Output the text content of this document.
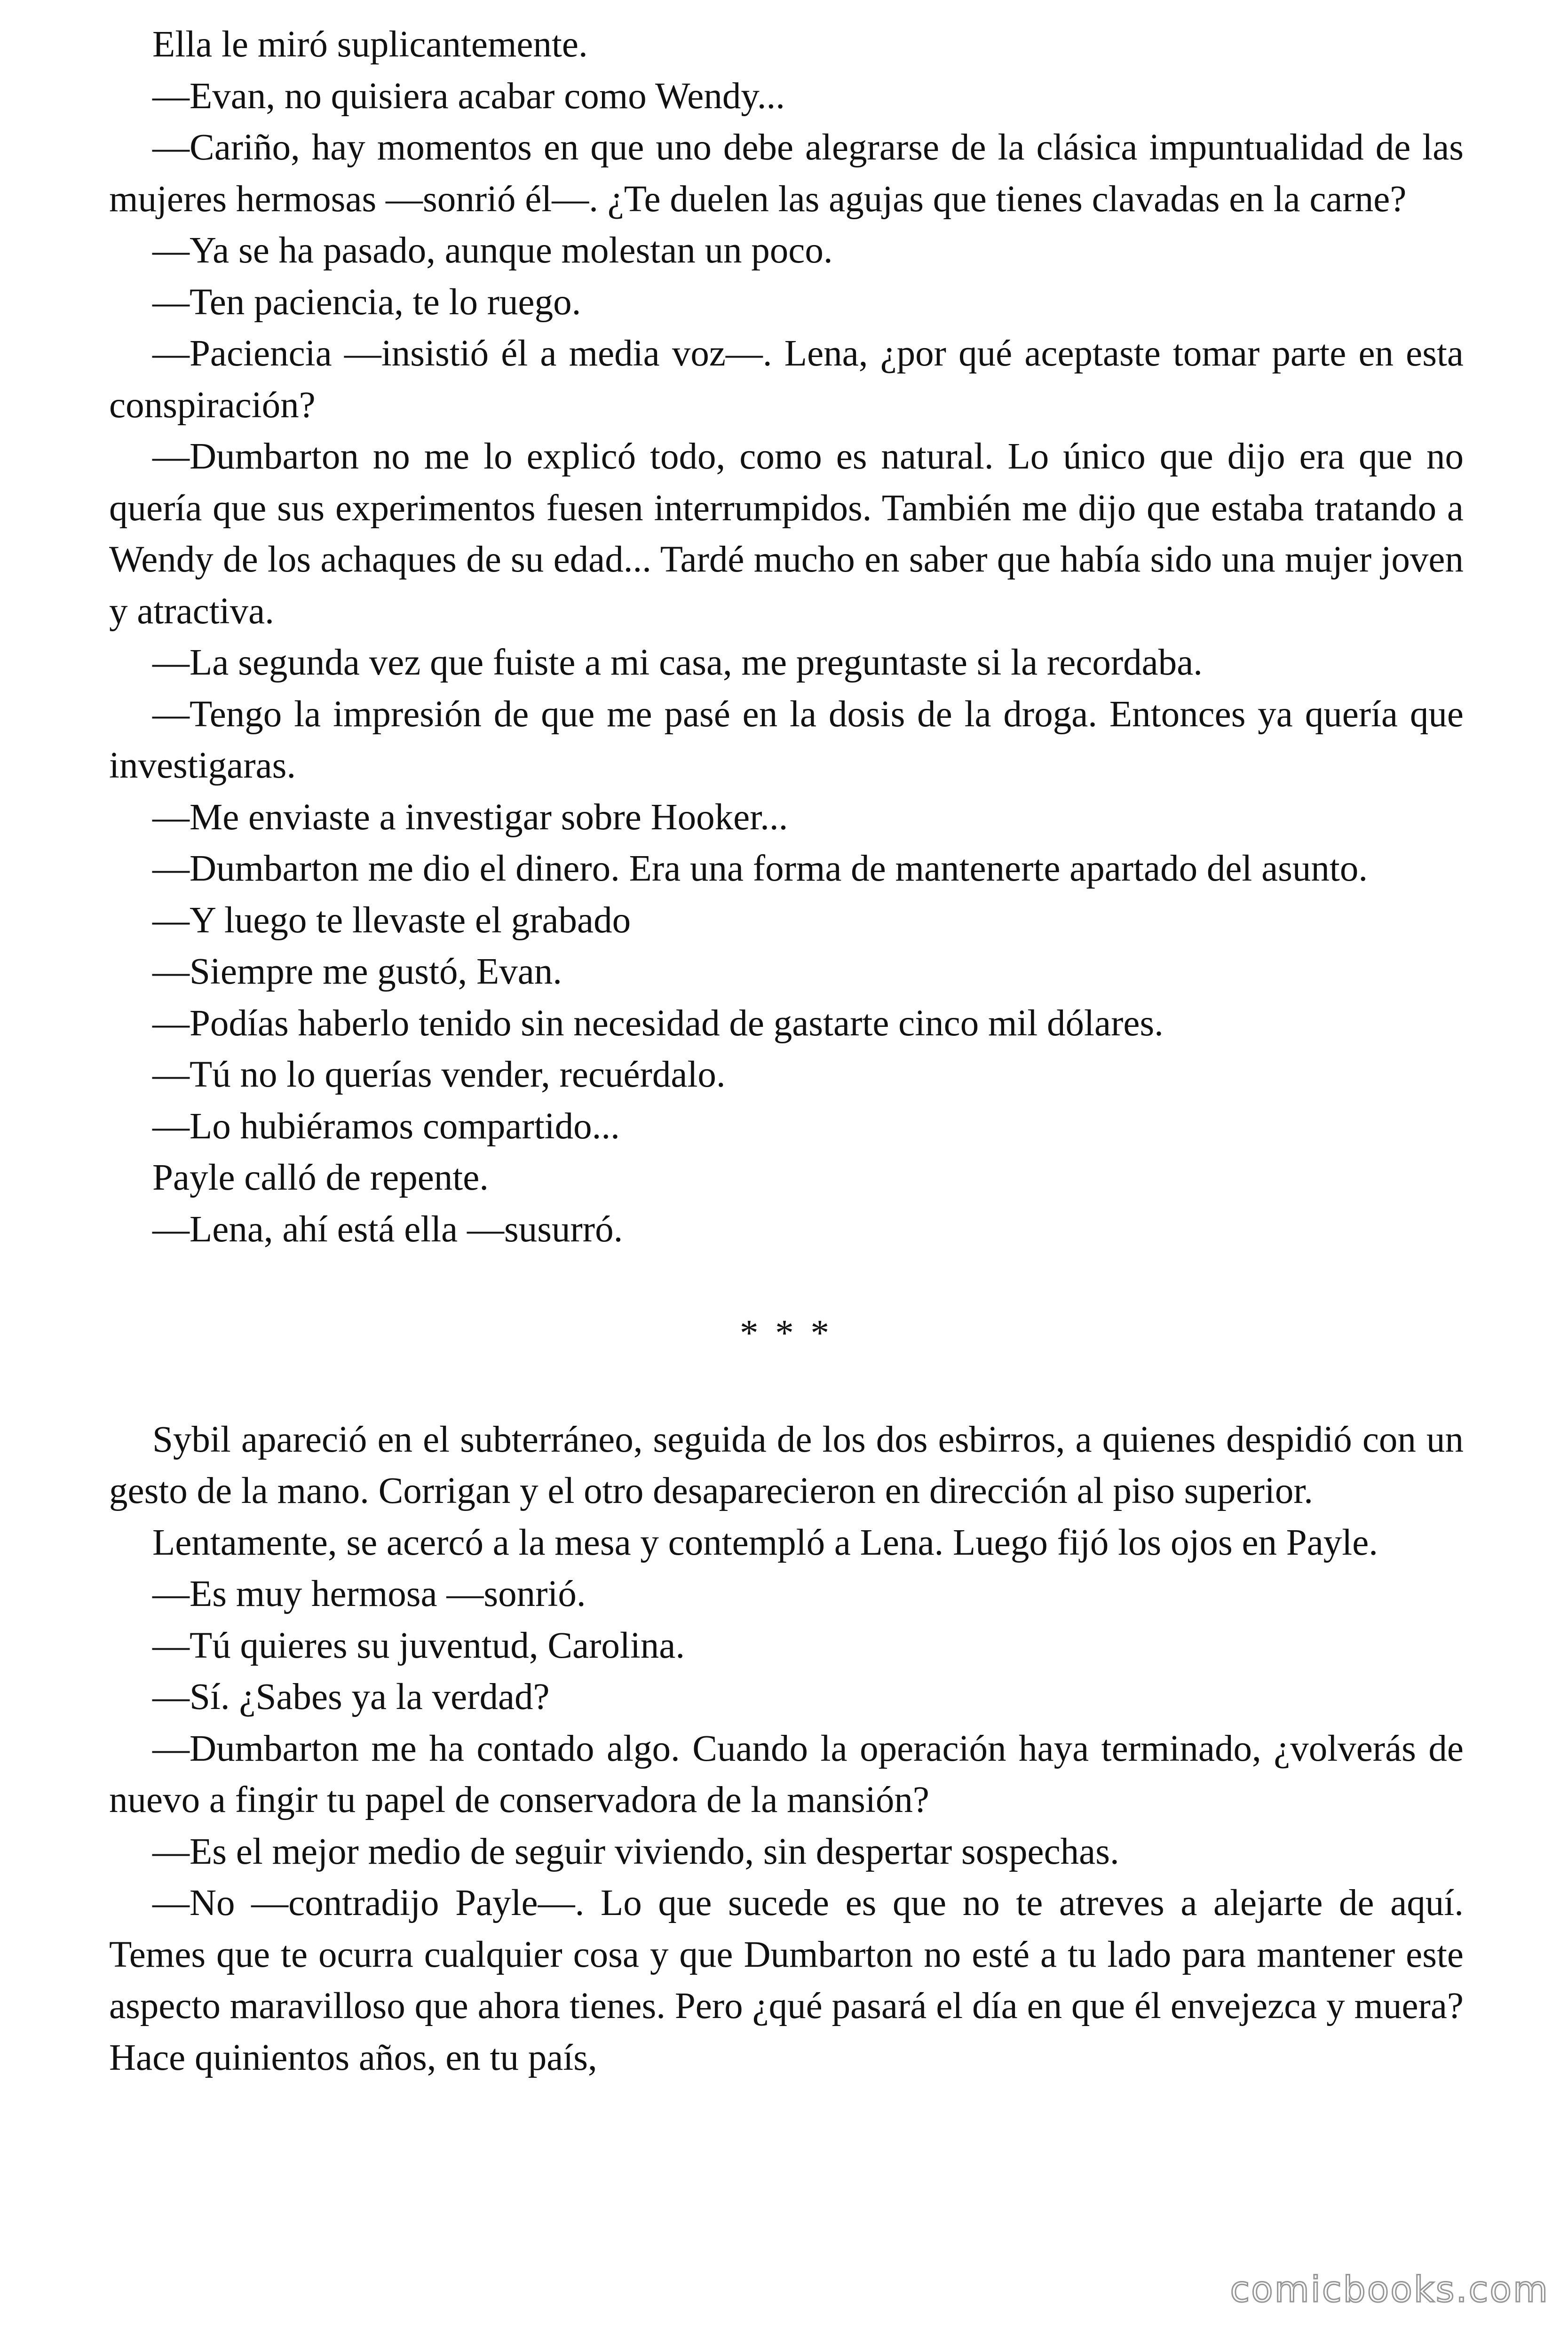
Ella le miró suplicantemente.

—Evan, no quisiera acabar como Wendy...

—Cariño, hay momentos en que uno debe alegrarse de la clásica impuntualidad de las mujeres hermosas —sonrió él—. ¿Te duelen las agujas que tienes clavadas en la carne?

—Ya se ha pasado, aunque molestan un poco.

—Ten paciencia, te lo ruego.

—Paciencia —insistió él a media voz—. Lena, ¿por qué aceptaste tomar parte en esta conspiración?

—Dumbarton no me lo explicó todo, como es natural. Lo único que dijo era que no quería que sus experimentos fuesen interrumpidos. También me dijo que estaba tratando a Wendy de los achaques de su edad... Tardé mucho en saber que había sido una mujer joven y atractiva.

—La segunda vez que fuiste a mi casa, me preguntaste si la recordaba.

—Tengo la impresión de que me pasé en la dosis de la droga. Entonces ya quería que investigaras.

—Me enviaste a investigar sobre Hooker...

—Dumbarton me dio el dinero. Era una forma de mantenerte apartado del asunto.

—Y luego te llevaste el grabado

—Siempre me gustó, Evan.

—Podías haberlo tenido sin necesidad de gastarte cinco mil dólares.

—Tú no lo querías vender, recuérdalo.

—Lo hubiéramos compartido...

Payle calló de repente.

—Lena, ahí está ella —susurró.

* * *

Sybil apareció en el subterráneo, seguida de los dos esbirros, a quienes despidió con un gesto de la mano. Corrigan y el otro desaparecieron en dirección al piso superior.

Lentamente, se acercó a la mesa y contempló a Lena. Luego fijó los ojos en Payle.

—Es muy hermosa —sonrió.

—Tú quieres su juventud, Carolina.

—Sí. ¿Sabes ya la verdad?

—Dumbarton me ha contado algo. Cuando la operación haya terminado, ¿volverás de nuevo a fingir tu papel de conservadora de la mansión?

—Es el mejor medio de seguir viviendo, sin despertar sospechas.

—No —contradijo Payle—. Lo que sucede es que no te atreves a alejarte de aquí. Temes que te ocurra cualquier cosa y que Dumbarton no esté a tu lado para mantener este aspecto maravilloso que ahora tienes. Pero ¿qué pasará el día en que él envejezca y muera? Hace quinientos años, en tu país,

comicbooks.com
